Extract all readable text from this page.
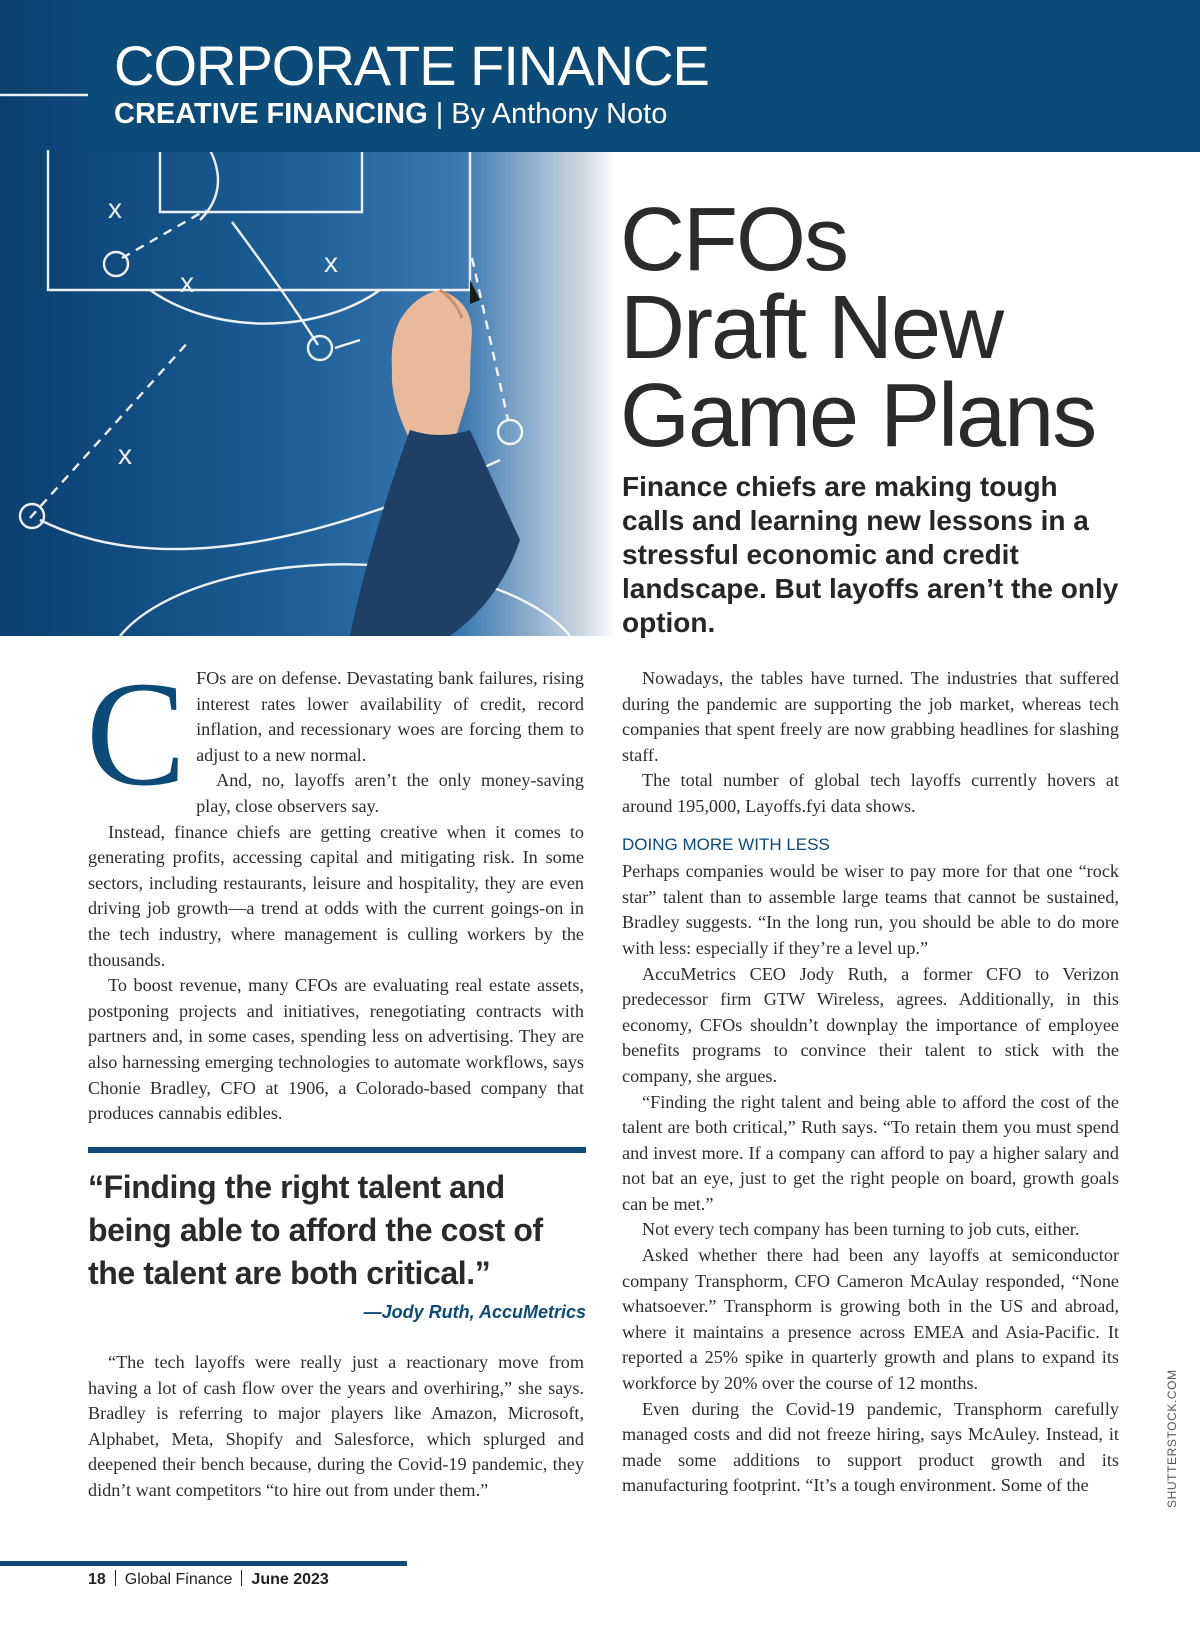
x
x
x
x
CORPORATE FINANCE
CREATIVE FINANCING | By Anthony Noto
CFOs
Draft New
Game Plans
Finance chiefs are making tough calls and learning new lessons in a stressful economic and credit landscape. But layoffs aren’t the only option.
C FOs are on defense. Devastating bank failures, rising interest rates lower availability of credit, record inflation, and recessionary woes are forcing them to adjust to a new normal.

And, no, layoffs aren’t the only money-saving play, close observers say.

Instead, finance chiefs are getting creative when it comes to generating profits, accessing capital and mitigating risk. In some sectors, including restaurants, leisure and hospitality, they are even driving job growth—a trend at odds with the current goings-on in the tech industry, where management is culling workers by the thousands.

To boost revenue, many CFOs are evaluating real estate assets, postponing projects and initiatives, renegotiating contracts with partners and, in some cases, spending less on advertising. They are also harnessing emerging technologies to automate workflows, says Chonie Bradley, CFO at 1906, a Colorado-based company that produces cannabis edibles.

“Finding the right talent and being able to afford the cost of the talent are both critical.”
—Jody Ruth, AccuMetrics

“The tech layoffs were really just a reactionary move from having a lot of cash flow over the years and overhiring,” she says. Bradley is referring to major players like Amazon, Microsoft, Alphabet, Meta, Shopify and Salesforce, which splurged and deepened their bench because, during the Covid-19 pandemic, they didn’t want competitors “to hire out from under them.”

Nowadays, the tables have turned. The industries that suffered during the pandemic are supporting the job market, whereas tech companies that spent freely are now grabbing headlines for slashing staff.

The total number of global tech layoffs currently hovers at around 195,000, Layoffs.fyi data shows.

DOING MORE WITH LESS

Perhaps companies would be wiser to pay more for that one “rock star” talent than to assemble large teams that cannot be sustained, Bradley suggests. “In the long run, you should be able to do more with less: especially if they’re a level up.”

AccuMetrics CEO Jody Ruth, a former CFO to Verizon predecessor firm GTW Wireless, agrees. Additionally, in this economy, CFOs shouldn’t downplay the importance of employee benefits programs to convince their talent to stick with the company, she argues.

“Finding the right talent and being able to afford the cost of the talent are both critical,” Ruth says. “To retain them you must spend and invest more. If a company can afford to pay a higher salary and not bat an eye, just to get the right people on board, growth goals can be met.”

Not every tech company has been turning to job cuts, either.

Asked whether there had been any layoffs at semiconductor company Transphorm, CFO Cameron McAulay responded, “None whatsoever.” Transphorm is growing both in the US and abroad, where it maintains a presence across EMEA and Asia-Pacific. It reported a 25% spike in quarterly growth and plans to expand its workforce by 20% over the course of 12 months.

Even during the Covid-19 pandemic, Transphorm carefully managed costs and did not freeze hiring, says McAuley. Instead, it made some additions to support product growth and its manufacturing footprint. “It’s a tough environment. Some of the	SHUTTERSTOCK.COM
18 Global Finance June 2023
